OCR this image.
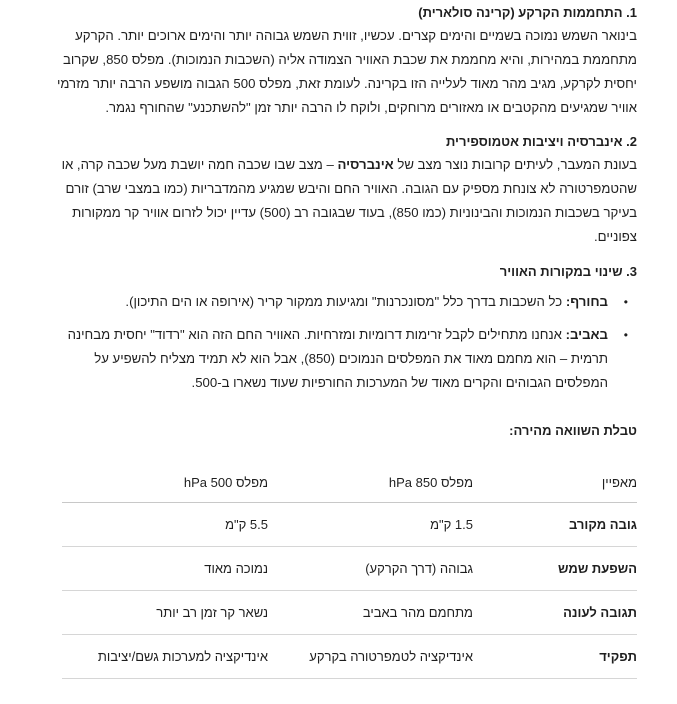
1. התחממות הקרקע (קרינה סולארית)

בינואר השמש נמוכה בשמיים והימים קצרים. עכשיו, זווית השמש גבוהה יותר והימים ארוכים יותר. הקרקע מתחממת במהירות, והיא מחממת את שכבת האוויר הצמודה אליה (השכבות הנמוכות). מפלס 850, שקרוב יחסית לקרקע, מגיב מהר מאוד לעלייה הזו בקרינה. לעומת זאת, מפלס 500 הגבוה מושפע הרבה יותר מזרמי אוויר שמגיעים מהקטבים או מאזורים מרוחקים, ולוקח לו הרבה יותר זמן "להשתכנע" שהחורף נגמר.

2. אינברסיה ויציבות אטמוספירית

בעונת המעבר, לעיתים קרובות נוצר מצב של אינברסיה – מצב שבו שכבה חמה יושבת מעל שכבה קרה, או שהטמפרטורה לא צונחת מספיק עם הגובה. האוויר החם והיבש שמגיע מהמדבריות (כמו במצבי שרב) זורם בעיקר בשכבות הנמוכות והבינוניות (כמו 850), בעוד שבגובה רב (500) עדיין יכול לזרום אוויר קר ממקורות צפוניים.

3. שינוי במקורות האוויר
•
בחורף: כל השכבות בדרך כלל "מסונכרנות" ומגיעות ממקור קריר (אירופה או הים התיכון).
•
באביב: אנחנו מתחילים לקבל זרימות דרומיות ומזרחיות. האוויר החם הזה הוא "רדוד" יחסית מבחינה תרמית – הוא מחמם מאוד את המפלסים הנמוכים (850), אבל הוא לא תמיד מצליח להשפיע על המפלסים הגבוהים והקרים מאוד של המערכות החורפיות שעוד נשארו ב-500.
טבלת השוואה מהירה:
מאפיין	מפלס 850 hPa	מפלס 500 hPa
גובה מקורב	1.5 ק"מ	5.5 ק"מ
השפעת שמש	גבוהה (דרך הקרקע)	נמוכה מאוד
תגובה לעונה	מתחמם מהר באביב	נשאר קר זמן רב יותר
תפקיד	אינדיקציה לטמפרטורה בקרקע	אינדיקציה למערכות גשם/יציבות
